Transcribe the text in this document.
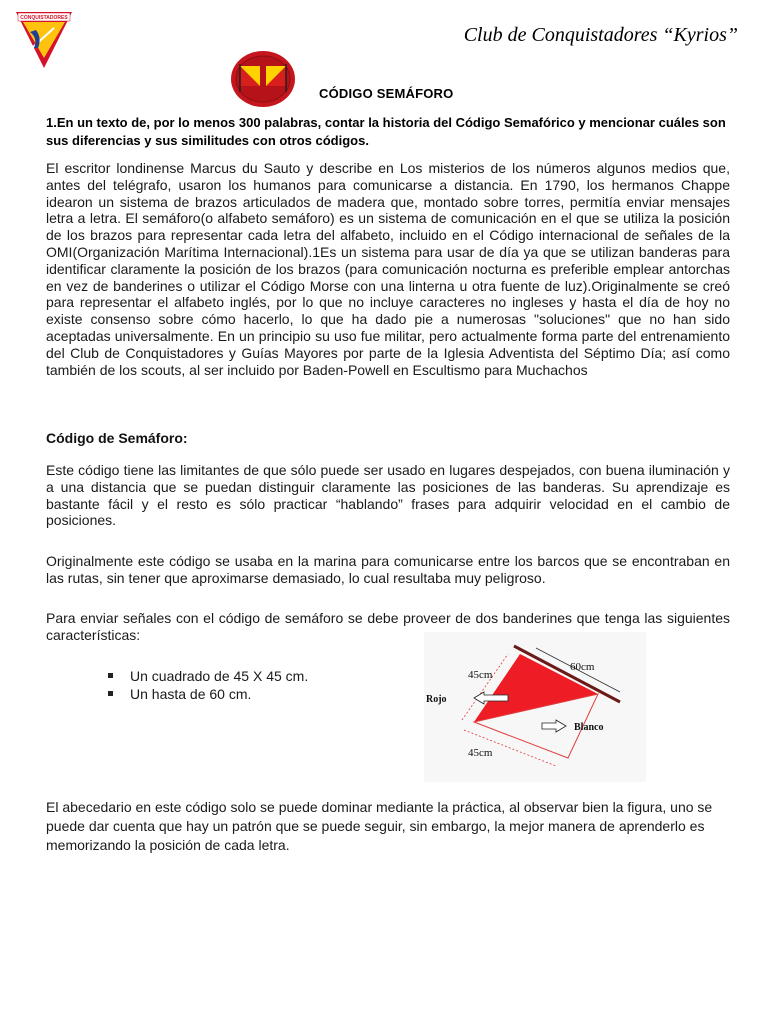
CONQUISTADORES
Club de Conquistadores “Kyrios”
CÓDIGO SEMÁFORO

1.En un texto de, por lo menos 300 palabras, contar la historia del Código Semafórico y mencionar cuáles son sus diferencias y sus similitudes con otros códigos.

El escritor londinense Marcus du Sauto y describe en Los misterios de los números algunos medios que, antes del telégrafo, usaron los humanos para comunicarse a distancia. En 1790, los hermanos Chappe idearon un sistema de brazos articulados de madera que, montado sobre torres, permitía enviar mensajes letra a letra. El semáforo(o alfabeto semáforo) es un sistema de comunicación en el que se utiliza la posición de los brazos para representar cada letra del alfabeto, incluido en el Código internacional de señales de la OMI(Organización Marítima Internacional).1Es un sistema para usar de día ya que se utilizan banderas para identificar claramente la posición de los brazos (para comunicación nocturna es preferible emplear antorchas en vez de banderines o utilizar el Código Morse con una linterna u otra fuente de luz).Originalmente se creó para representar el alfabeto inglés, por lo que no incluye caracteres no ingleses y hasta el día de hoy no existe consenso sobre cómo hacerlo, lo que ha dado pie a numerosas "soluciones" que no han sido aceptadas universalmente. En un principio su uso fue militar, pero actualmente forma parte del entrenamiento del Club de Conquistadores y Guías Mayores por parte de la Iglesia Adventista del Séptimo Día; así como también de los scouts, al ser incluido por Baden-Powell en Escultismo para Muchachos

Código de Semáforo:

Este código tiene las limitantes de que sólo puede ser usado en lugares despejados, con buena iluminación y a una distancia que se puedan distinguir claramente las posiciones de las banderas. Su aprendizaje es bastante fácil y el resto es sólo practicar “hablando” frases para adquirir velocidad en el cambio de posiciones.

Originalmente este código se usaba en la marina para comunicarse entre los barcos que se encontraban en las rutas, sin tener que aproximarse demasiado, lo cual resultaba muy peligroso.

Para enviar señales con el código de semáforo se debe proveer de dos banderines que tenga las siguientes características:

Un cuadrado de 45 X 45 cm.
Un hasta de 60 cm.
45cm
60cm
Rojo
Blanco
45cm

El abecedario en este código solo se puede dominar mediante la práctica, al observar bien la figura, uno se puede dar cuenta que hay un patrón que se puede seguir, sin embargo, la mejor manera de aprenderlo es memorizando la posición de cada letra.
